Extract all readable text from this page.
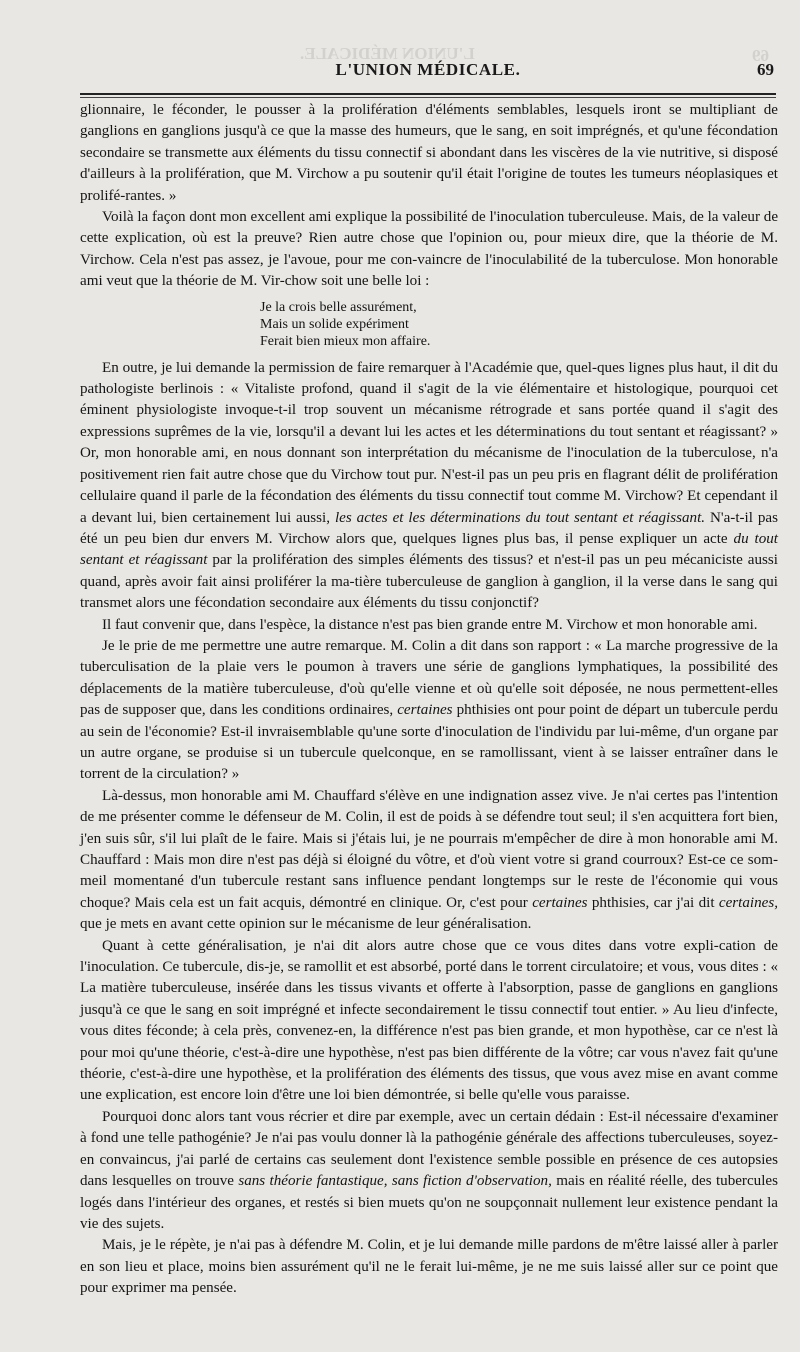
L'UNION MÉDICALE.	69
L'UNION MÉDICALE.	69

glionnaire, le féconder, le pousser à la prolifération d'éléments semblables, lesquels iront se multipliant de ganglions en ganglions jusqu'à ce que la masse des humeurs, que le sang, en soit imprégnés, et qu'une fécondation secondaire se transmette aux éléments du tissu connectif si abondant dans les viscères de la vie nutritive, si disposé d'ailleurs à la prolifération, que M. Virchow a pu soutenir qu'il était l'origine de toutes les tumeurs néoplasiques et prolifé-rantes. »

Voilà la façon dont mon excellent ami explique la possibilité de l'inoculation tuberculeuse. Mais, de la valeur de cette explication, où est la preuve? Rien autre chose que l'opinion ou, pour mieux dire, que la théorie de M. Virchow. Cela n'est pas assez, je l'avoue, pour me con-vaincre de l'inoculabilité de la tuberculose. Mon honorable ami veut que la théorie de M. Vir-chow soit une belle loi :

Je la crois belle assurément,
Mais un solide expériment
Ferait bien mieux mon affaire.

En outre, je lui demande la permission de faire remarquer à l'Académie que, quel-ques lignes plus haut, il dit du pathologiste berlinois : « Vitaliste profond, quand il s'agit de la vie élémentaire et histologique, pourquoi cet éminent physiologiste invoque-t-il trop souvent un mécanisme rétrograde et sans portée quand il s'agit des expressions suprêmes de la vie, lorsqu'il a devant lui les actes et les déterminations du tout sentant et réagissant? » Or, mon honorable ami, en nous donnant son interprétation du mécanisme de l'inoculation de la tuberculose, n'a positivement rien fait autre chose que du Virchow tout pur. N'est-il pas un peu pris en flagrant délit de prolifération cellulaire quand il parle de la fécondation des éléments du tissu connectif tout comme M. Virchow? Et cependant il a devant lui, bien certainement lui aussi, les actes et les déterminations du tout sentant et réagissant. N'a-t-il pas été un peu bien dur envers M. Virchow alors que, quelques lignes plus bas, il pense expliquer un acte du tout sentant et réagissant par la prolifération des simples éléments des tissus? et n'est-il pas un peu mécaniciste aussi quand, après avoir fait ainsi proliférer la ma-tière tuberculeuse de ganglion à ganglion, il la verse dans le sang qui transmet alors une fécondation secondaire aux éléments du tissu conjonctif?

Il faut convenir que, dans l'espèce, la distance n'est pas bien grande entre M. Virchow et mon honorable ami.

Je le prie de me permettre une autre remarque. M. Colin a dit dans son rapport : « La marche progressive de la tuberculisation de la plaie vers le poumon à travers une série de ganglions lymphatiques, la possibilité des déplacements de la matière tuberculeuse, d'où qu'elle vienne et où qu'elle soit déposée, ne nous permettent-elles pas de supposer que, dans les conditions ordinaires, certaines phthisies ont pour point de départ un tubercule perdu au sein de l'économie? Est-il invraisemblable qu'une sorte d'inoculation de l'individu par lui-même, d'un organe par un autre organe, se produise si un tubercule quelconque, en se ramollissant, vient à se laisser entraîner dans le torrent de la circulation? »

Là-dessus, mon honorable ami M. Chauffard s'élève en une indignation assez vive. Je n'ai certes pas l'intention de me présenter comme le défenseur de M. Colin, il est de poids à se défendre tout seul; il s'en acquittera fort bien, j'en suis sûr, s'il lui plaît de le faire. Mais si j'étais lui, je ne pourrais m'empêcher de dire à mon honorable ami M. Chauffard : Mais mon dire n'est pas déjà si éloigné du vôtre, et d'où vient votre si grand courroux? Est-ce ce som-meil momentané d'un tubercule restant sans influence pendant longtemps sur le reste de l'économie qui vous choque? Mais cela est un fait acquis, démontré en clinique. Or, c'est pour certaines phthisies, car j'ai dit certaines, que je mets en avant cette opinion sur le mécanisme de leur généralisation.

Quant à cette généralisation, je n'ai dit alors autre chose que ce vous dites dans votre expli-cation de l'inoculation. Ce tubercule, dis-je, se ramollit et est absorbé, porté dans le torrent circulatoire; et vous, vous dites : « La matière tuberculeuse, insérée dans les tissus vivants et offerte à l'absorption, passe de ganglions en ganglions jusqu'à ce que le sang en soit imprégné et infecte secondairement le tissu connectif tout entier. » Au lieu d'infecte, vous dites féconde; à cela près, convenez-en, la différence n'est pas bien grande, et mon hypothèse, car ce n'est là pour moi qu'une théorie, c'est-à-dire une hypothèse, n'est pas bien différente de la vôtre; car vous n'avez fait qu'une théorie, c'est-à-dire une hypothèse, et la prolifération des éléments des tissus, que vous avez mise en avant comme une explication, est encore loin d'être une loi bien démontrée, si belle qu'elle vous paraisse.

Pourquoi donc alors tant vous récrier et dire par exemple, avec un certain dédain : Est-il nécessaire d'examiner à fond une telle pathogénie? Je n'ai pas voulu donner là la pathogénie générale des affections tuberculeuses, soyez-en convaincus, j'ai parlé de certains cas seulement dont l'existence semble possible en présence de ces autopsies dans lesquelles on trouve sans théorie fantastique, sans fiction d'observation, mais en réalité réelle, des tubercules logés dans l'intérieur des organes, et restés si bien muets qu'on ne soupçonnait nullement leur existence pendant la vie des sujets.

Mais, je le répète, je n'ai pas à défendre M. Colin, et je lui demande mille pardons de m'être laissé aller à parler en son lieu et place, moins bien assurément qu'il ne le ferait lui-même, je ne me suis laissé aller sur ce point que pour exprimer ma pensée.
